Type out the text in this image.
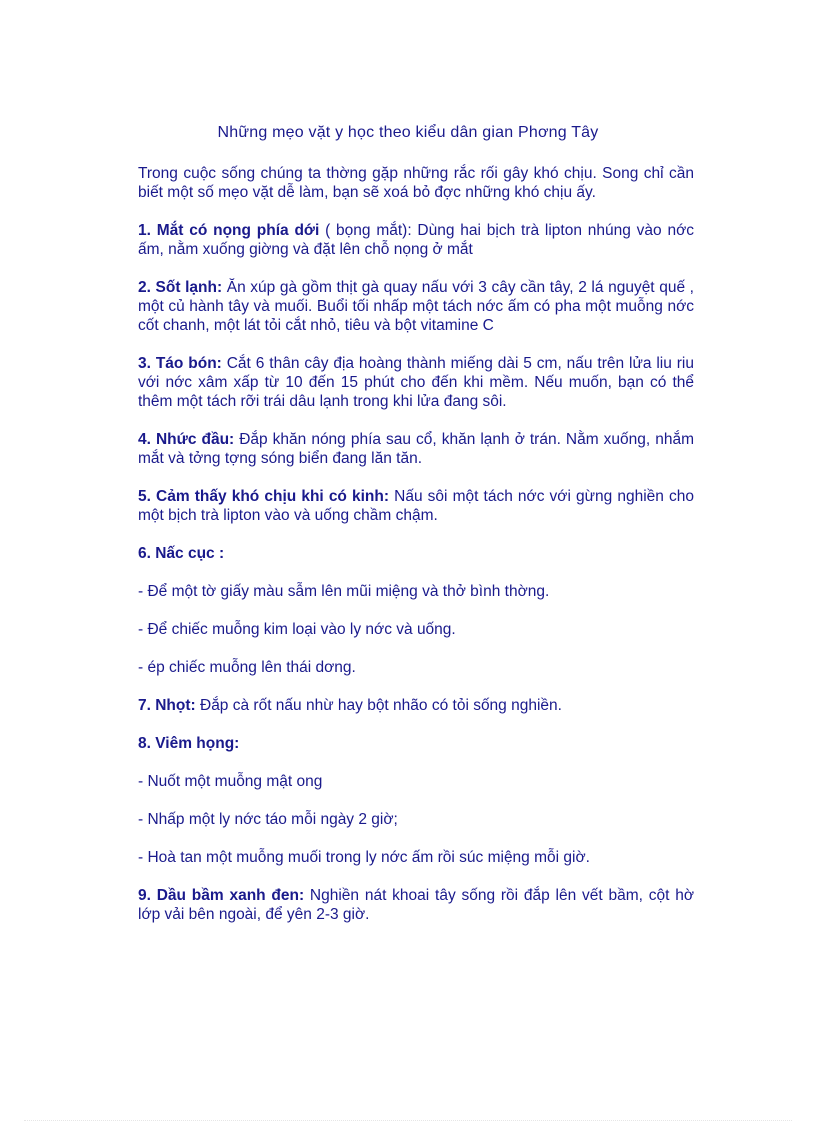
Những mẹo vặt y học theo kiểu dân gian Phơng Tây

Trong cuộc sống chúng ta thờng gặp những rắc rối gây khó chịu. Song chỉ cần biết một số mẹo vặt dễ làm, bạn sẽ xoá bỏ đợc những khó chịu ấy.

1. Mắt có nọng phía dới ( bọng mắt): Dùng hai bịch trà lipton nhúng vào nớc ấm, nằm xuống giờng và đặt lên chỗ nọng ở mắt

2. Sốt lạnh: Ăn xúp gà gồm thịt gà quay nấu với 3 cây cần tây, 2 lá nguyệt quế , một củ hành tây và muối. Buổi tối nhấp một tách nớc ấm có pha một muỗng nớc cốt chanh, một lát tỏi cắt nhỏ, tiêu và bột vitamine C

3. Táo bón: Cắt 6 thân cây địa hoàng thành miếng dài 5 cm, nấu trên lửa liu riu với nớc xâm xấp từ 10 đến 15 phút cho đến khi mềm. Nếu muốn, bạn có thể thêm một tách rỡi trái dâu lạnh trong khi lửa đang sôi.

4. Nhức đầu: Đắp khăn nóng phía sau cổ, khăn lạnh ở trán. Nằm xuống, nhắm mắt và tởng tợng sóng biển đang lăn tăn.

5. Cảm thấy khó chịu khi có kinh: Nấu sôi một tách nớc với gừng nghiền cho một bịch trà lipton vào và uống chầm chậm.

6. Nấc cục :

- Để một tờ giấy màu sẫm lên mũi miệng và thở bình thờng.

- Để chiếc muỗng kim loại vào ly nớc và uống.

- ép chiếc muỗng lên thái dơng.

7. Nhọt: Đắp cà rốt nấu nhừ hay bột nhão có tỏi sống nghiền.

8. Viêm họng:

- Nuốt một muỗng mật ong

- Nhấp một ly nớc táo mỗi ngày 2 giờ;

- Hoà tan một muỗng muối trong ly nớc ấm rồi súc miệng mỗi giờ.

9. Dầu bầm xanh đen: Nghiền nát khoai tây sống rồi đắp lên vết bầm, cột hờ lớp vải bên ngoài, để yên 2-3 giờ.
